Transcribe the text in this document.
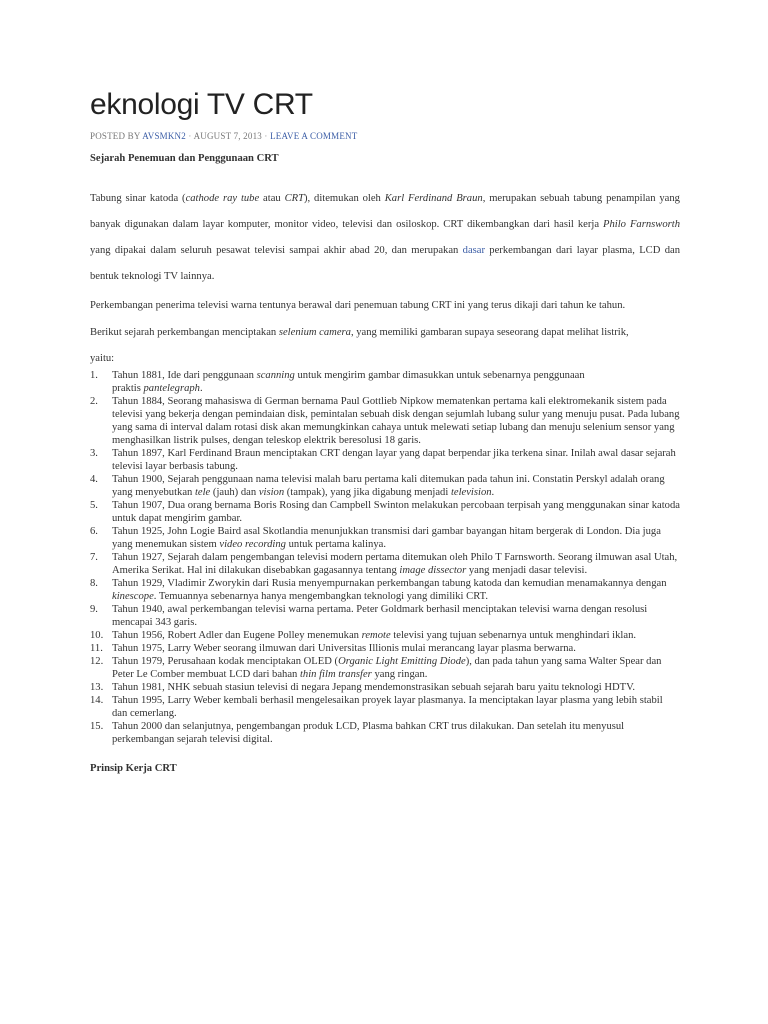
eknologi TV CRT
POSTED BY AVSMKN2 · AUGUST 7, 2013 · LEAVE A COMMENT

Sejarah Penemuan dan Penggunaan CRT

Tabung sinar katoda (cathode ray tube atau CRT), ditemukan oleh Karl Ferdinand Braun, merupakan sebuah tabung penampilan yang banyak digunakan dalam layar komputer, monitor video, televisi dan osiloskop. CRT dikembangkan dari hasil kerja Philo Farnsworth yang dipakai dalam seluruh pesawat televisi sampai akhir abad 20, dan merupakan dasar perkembangan dari layar plasma, LCD dan bentuk teknologi TV lainnya.

Perkembangan penerima televisi warna tentunya berawal dari penemuan tabung CRT ini yang terus dikaji dari tahun ke tahun.

Berikut sejarah perkembangan menciptakan selenium camera, yang memiliki gambaran supaya seseorang dapat melihat listrik,
yaitu:

1. Tahun 1881, Ide dari penggunaan scanning untuk mengirim gambar dimasukkan untuk sebenarnya penggunaan
praktis pantelegraph.
2. Tahun 1884, Seorang mahasiswa di German bernama Paul Gottlieb Nipkow mematenkan pertama kali elektromekanik sistem pada televisi yang bekerja dengan pemindaian disk, pemintalan sebuah disk dengan sejumlah lubang sulur yang menuju pusat. Pada lubang yang sama di interval dalam rotasi disk akan memungkinkan cahaya untuk melewati setiap lubang dan menuju selenium sensor yang menghasilkan listrik pulses, dengan teleskop elektrik beresolusi 18 garis.
3. Tahun 1897, Karl Ferdinand Braun menciptakan CRT dengan layar yang dapat berpendar jika terkena sinar. Inilah awal dasar sejarah televisi layar berbasis tabung.
4. Tahun 1900, Sejarah penggunaan nama televisi malah baru pertama kali ditemukan pada tahun ini. Constatin Perskyl adalah orang yang menyebutkan tele (jauh) dan vision (tampak), yang jika digabung menjadi television.
5. Tahun 1907, Dua orang bernama Boris Rosing dan Campbell Swinton melakukan percobaan terpisah yang menggunakan sinar katoda untuk dapat mengirim gambar.
6. Tahun 1925, John Logie Baird asal Skotlandia menunjukkan transmisi dari gambar bayangan hitam bergerak di London. Dia juga yang menemukan sistem video recording untuk pertama kalinya.
7. Tahun 1927, Sejarah dalam pengembangan televisi modern pertama ditemukan oleh Philo T Farnsworth. Seorang ilmuwan asal Utah, Amerika Serikat. Hal ini dilakukan disebabkan gagasannya tentang image dissector yang menjadi dasar televisi.
8. Tahun 1929, Vladimir Zworykin dari Rusia menyempurnakan perkembangan tabung katoda dan kemudian menamakannya dengan kinescope. Temuannya sebenarnya hanya mengembangkan teknologi yang dimiliki CRT.
9. Tahun 1940, awal perkembangan televisi warna pertama. Peter Goldmark berhasil menciptakan televisi warna dengan resolusi mencapai 343 garis.
10. Tahun 1956, Robert Adler dan Eugene Polley menemukan remote televisi yang tujuan sebenarnya untuk menghindari iklan.
11. Tahun 1975, Larry Weber seorang ilmuwan dari Universitas Illionis mulai merancang layar plasma berwarna.
12. Tahun 1979, Perusahaan kodak menciptakan OLED (Organic Light Emitting Diode), dan pada tahun yang sama Walter Spear dan Peter Le Comber membuat LCD dari bahan thin film transfer yang ringan.
13. Tahun 1981, NHK sebuah stasiun televisi di negara Jepang mendemonstrasikan sebuah sejarah baru yaitu teknologi HDTV.
14. Tahun 1995, Larry Weber kembali berhasil mengelesaikan proyek layar plasmanya. Ia menciptakan layar plasma yang lebih stabil dan cemerlang.
15. Tahun 2000 dan selanjutnya, pengembangan produk LCD, Plasma bahkan CRT trus dilakukan. Dan setelah itu menyusul perkembangan sejarah televisi digital.

Prinsip Kerja CRT
